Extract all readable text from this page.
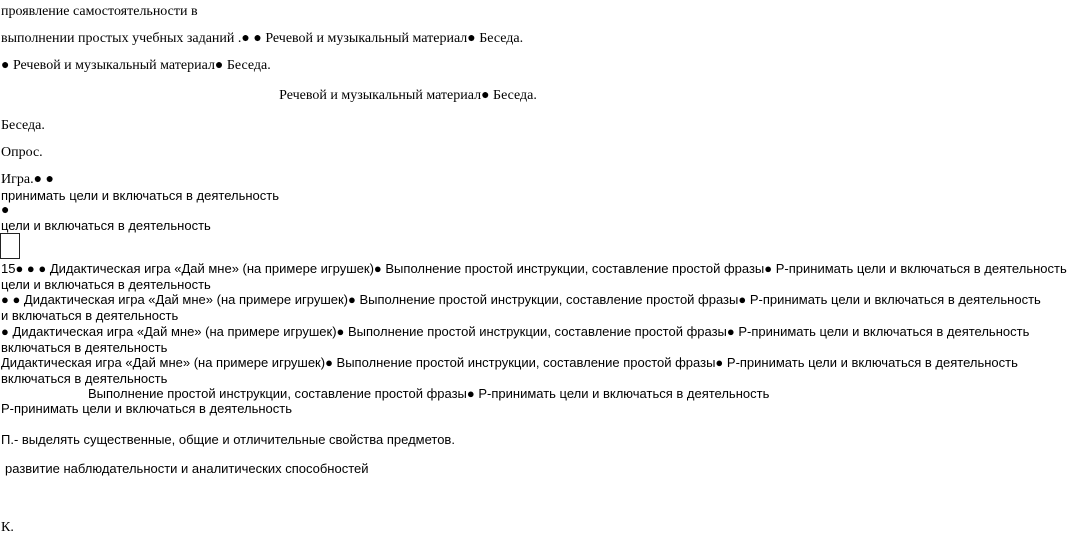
проявление самостоятельности в
выполнении простых учебных заданий .● ● Речевой и музыкальный материал● Беседа.
● Речевой и музыкальный материал● Беседа.
Речевой и музыкальный материал● Беседа.
Беседа.
Опрос.
Игра.● ●
принимать цели и включаться в деятельность
●
цели и включаться в деятельность
15● ● ● Дидактическая игра «Дай мне» (на примере игрушек)● Выполнение простой инструкции, составление простой фразы● Р-принимать цели и включаться в деятельность
цели и включаться в деятельность
● ● Дидактическая игра «Дай мне» (на примере игрушек)● Выполнение простой инструкции, составление простой фразы● Р-принимать цели и включаться в деятельность
и включаться в деятельность
● Дидактическая игра «Дай мне» (на примере игрушек)● Выполнение простой инструкции, составление простой фразы● Р-принимать цели и включаться в деятельность
включаться в деятельность
Дидактическая игра «Дай мне» (на примере игрушек)● Выполнение простой инструкции, составление простой фразы● Р-принимать цели и включаться в деятельность
включаться в деятельность
Выполнение простой инструкции, составление простой фразы● Р-принимать цели и включаться в деятельность
Р-принимать цели и включаться в деятельность
П.- выделять существенные, общие и отличительные свойства предметов.
развитие наблюдательности и аналитических способностей
К.
